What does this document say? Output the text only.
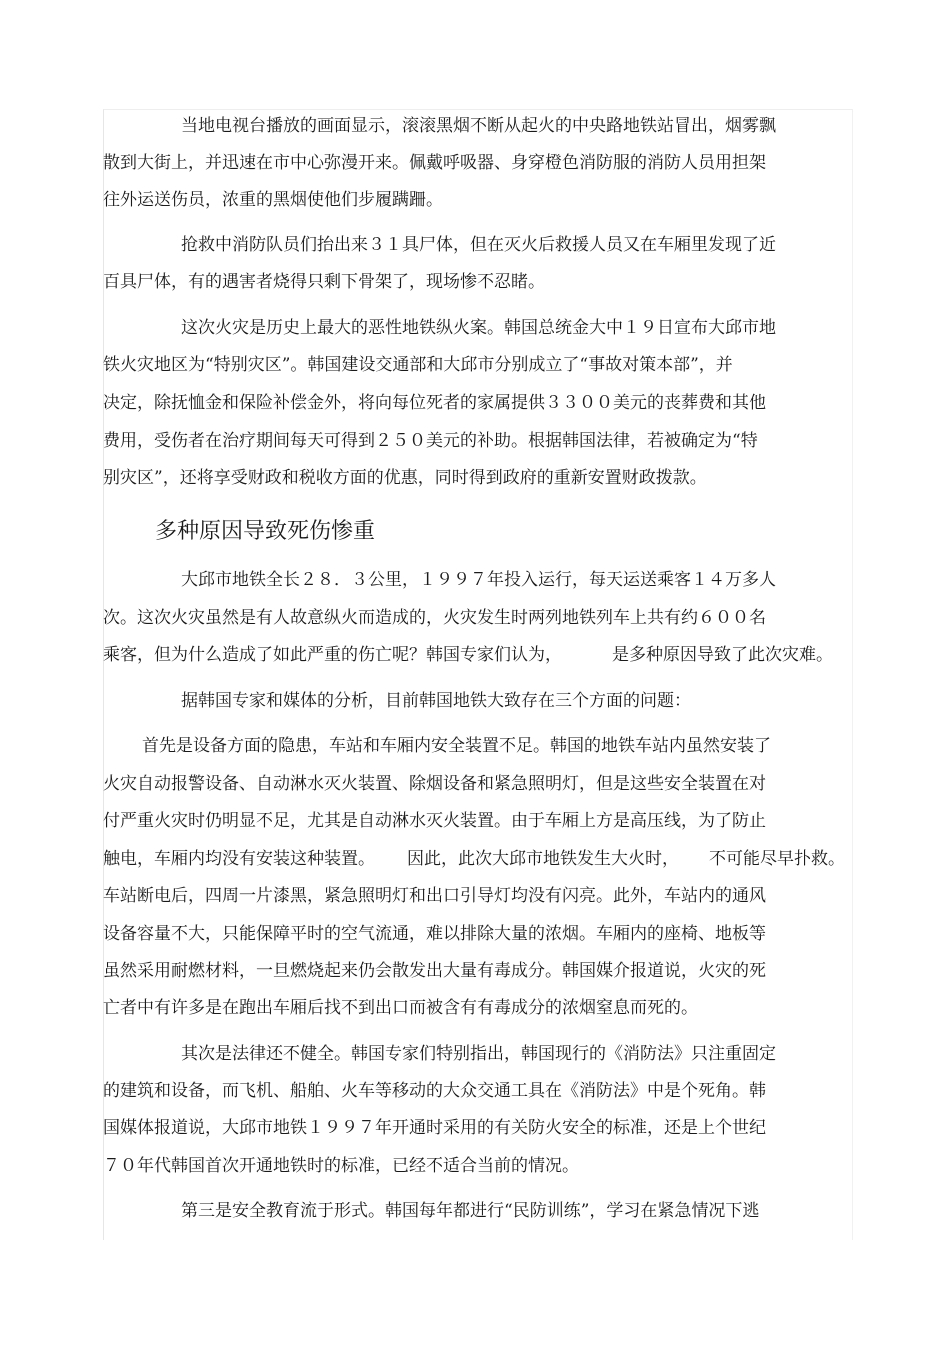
当地电视台播放的画面显示，滚滚黑烟不断从起火的中央路地铁站冒出，烟雾飘
散到大街上，并迅速在市中心弥漫开来。佩戴呼吸器、身穿橙色消防服的消防人员用担架
往外运送伤员，浓重的黑烟使他们步履蹒跚。
抢救中消防队员们抬出来３１具尸体，但在灭火后救援人员又在车厢里发现了近
百具尸体，有的遇害者烧得只剩下骨架了，现场惨不忍睹。
这次火灾是历史上最大的恶性地铁纵火案。韩国总统金大中１９日宣布大邱市地
铁火灾地区为“特别灾区”。韩国建设交通部和大邱市分别成立了“事故对策本部”，并
决定，除抚恤金和保险补偿金外，将向每位死者的家属提供３３００美元的丧葬费和其他
费用，受伤者在治疗期间每天可得到２５０美元的补助。根据韩国法律，若被确定为“特
别灾区”，还将享受财政和税收方面的优惠，同时得到政府的重新安置财政拨款。
多种原因导致死伤惨重
大邱市地铁全长２８．３公里，１９９７年投入运行，每天运送乘客１４万多人
次。这次火灾虽然是有人故意纵火而造成的，火灾发生时两列地铁列车上共有约６００名
乘客，但为什么造成了如此严重的伤亡呢？韩国专家们认为，	是多种原因导致了此次灾难。
据韩国专家和媒体的分析，目前韩国地铁大致存在三个方面的问题：
首先是设备方面的隐患，车站和车厢内安全装置不足。韩国的地铁车站内虽然安装了
火灾自动报警设备、自动淋水灭火装置、除烟设备和紧急照明灯，但是这些安全装置在对
付严重火灾时仍明显不足，尤其是自动淋水灭火装置。由于车厢上方是高压线，为了防止
触电，车厢内均没有安装这种装置。 因此，此次大邱市地铁发生大火时， 不可能尽早扑救。
车站断电后，四周一片漆黑，紧急照明灯和出口引导灯均没有闪亮。此外，车站内的通风
设备容量不大，只能保障平时的空气流通，难以排除大量的浓烟。车厢内的座椅、地板等
虽然采用耐燃材料，一旦燃烧起来仍会散发出大量有毒成分。韩国媒介报道说，火灾的死
亡者中有许多是在跑出车厢后找不到出口而被含有有毒成分的浓烟窒息而死的。
其次是法律还不健全。韩国专家们特别指出，韩国现行的《消防法》只注重固定
的建筑和设备，而飞机、船舶、火车等移动的大众交通工具在《消防法》中是个死角。韩
国媒体报道说，大邱市地铁１９９７年开通时采用的有关防火安全的标准，还是上个世纪
７０年代韩国首次开通地铁时的标准，已经不适合当前的情况。
第三是安全教育流于形式。韩国每年都进行“民防训练”，学习在紧急情况下逃
